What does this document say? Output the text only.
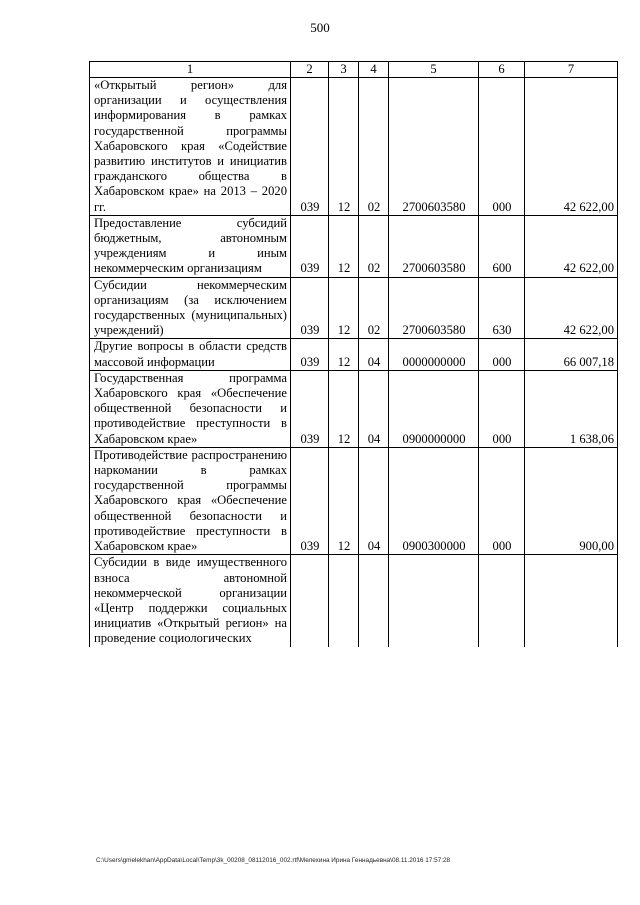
500
1	2	3	4	5	6	7
«Открытый регион» для организации и осуществления информирования в рамках государственной программы Хабаровского края «Содействие развитию институтов и инициатив гражданского общества в Хабаровском крае» на 2013 – 2020 гг.	039	12	02	2700603580	000	42 622,00
Предоставление субсидий бюджетным, автономным учреждениям и иным некоммерческим организациям	039	12	02	2700603580	600	42 622,00
Субсидии некоммерческим организациям (за исключением государственных (муниципальных) учреждений)	039	12	02	2700603580	630	42 622,00
Другие вопросы в области средств массовой информации	039	12	04	0000000000	000	66 007,18
Государственная программа Хабаровского края «Обеспечение общественной безопасности и противодействие преступности в Хабаровском крае»	039	12	04	0900000000	000	1 638,06
Противодействие распространению наркомании в рамках государственной программы Хабаровского края «Обеспечение общественной безопасности и противодействие преступности в Хабаровском крае»	039	12	04	0900300000	000	900,00
Субсидии в виде имущественного взноса автономной некоммерческой организации «Центр поддержки социальных инициатив «Открытый регион» на проведение социологических						
C:\Users\gmelekhan\AppData\Local\Temp\3k_00208_08112016_002.rtf\Мелехина Ирина Геннадьевна\08.11.2016 17:57:28
